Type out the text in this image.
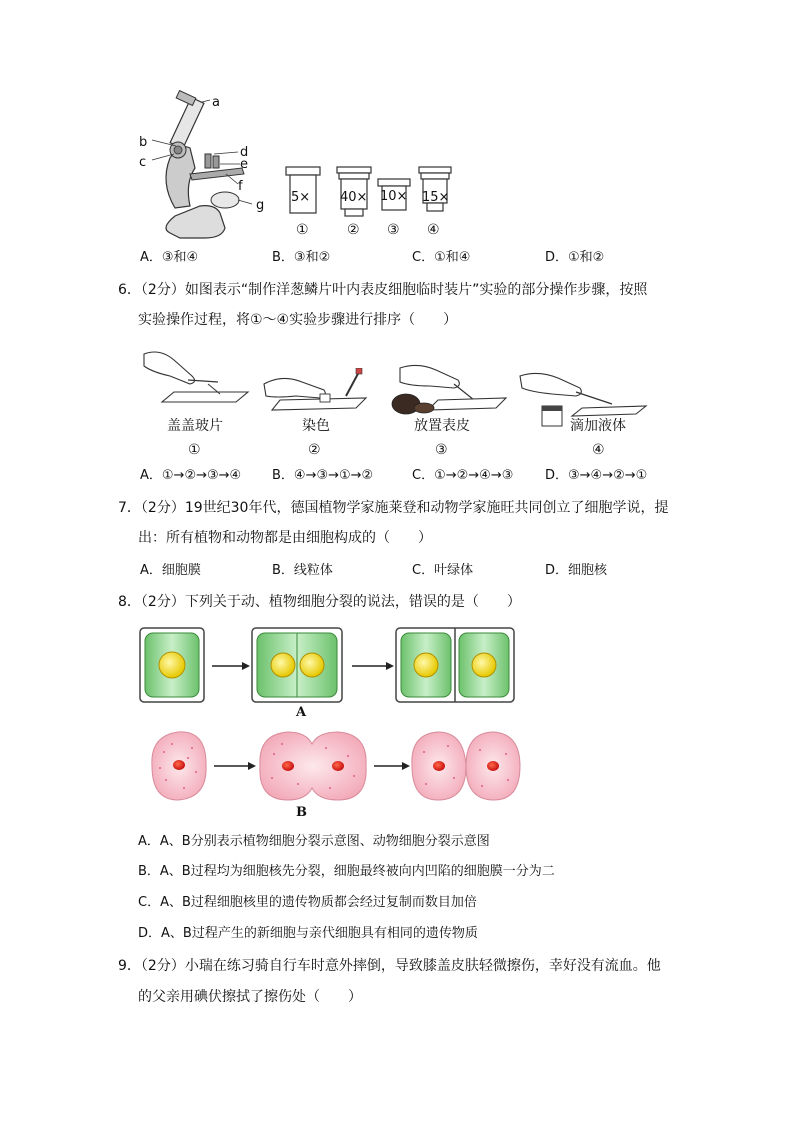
a
b
c
d
e
f
g
5×
①
40×
②
10×
③
15×
④
A．③和④	B．③和②	C．①和④	D．①和②
6．（2分）如图表示“制作洋葱鳞片叶内表皮细胞临时装片”实验的部分操作步骤，按照
实验操作过程，将①～④实验步骤进行排序（　　）
盖盖玻片
①
染色
②
放置表皮
③
滴加液体
④
A．①→②→③→④ B．④→③→①→②	C．①→②→④→③ D．③→④→②→①
7．（2分）19世纪30年代，德国植物学家施莱登和动物学家施旺共同创立了细胞学说，提
出：所有植物和动物都是由细胞构成的（　　）
A．细胞膜	B．线粒体	C．叶绿体	D．细胞核
8．（2分）下列关于动、植物细胞分裂的说法，错误的是（　　）
A
B
A．A、B分别表示植物细胞分裂示意图、动物细胞分裂示意图
B．A、B过程均为细胞核先分裂，细胞最终被向内凹陷的细胞膜一分为二
C．A、B过程细胞核里的遗传物质都会经过复制而数目加倍
D．A、B过程产生的新细胞与亲代细胞具有相同的遗传物质
9．（2分）小瑞在练习骑自行车时意外摔倒，导致膝盖皮肤轻微擦伤，幸好没有流血。他
的父亲用碘伏擦拭了擦伤处（　　）
